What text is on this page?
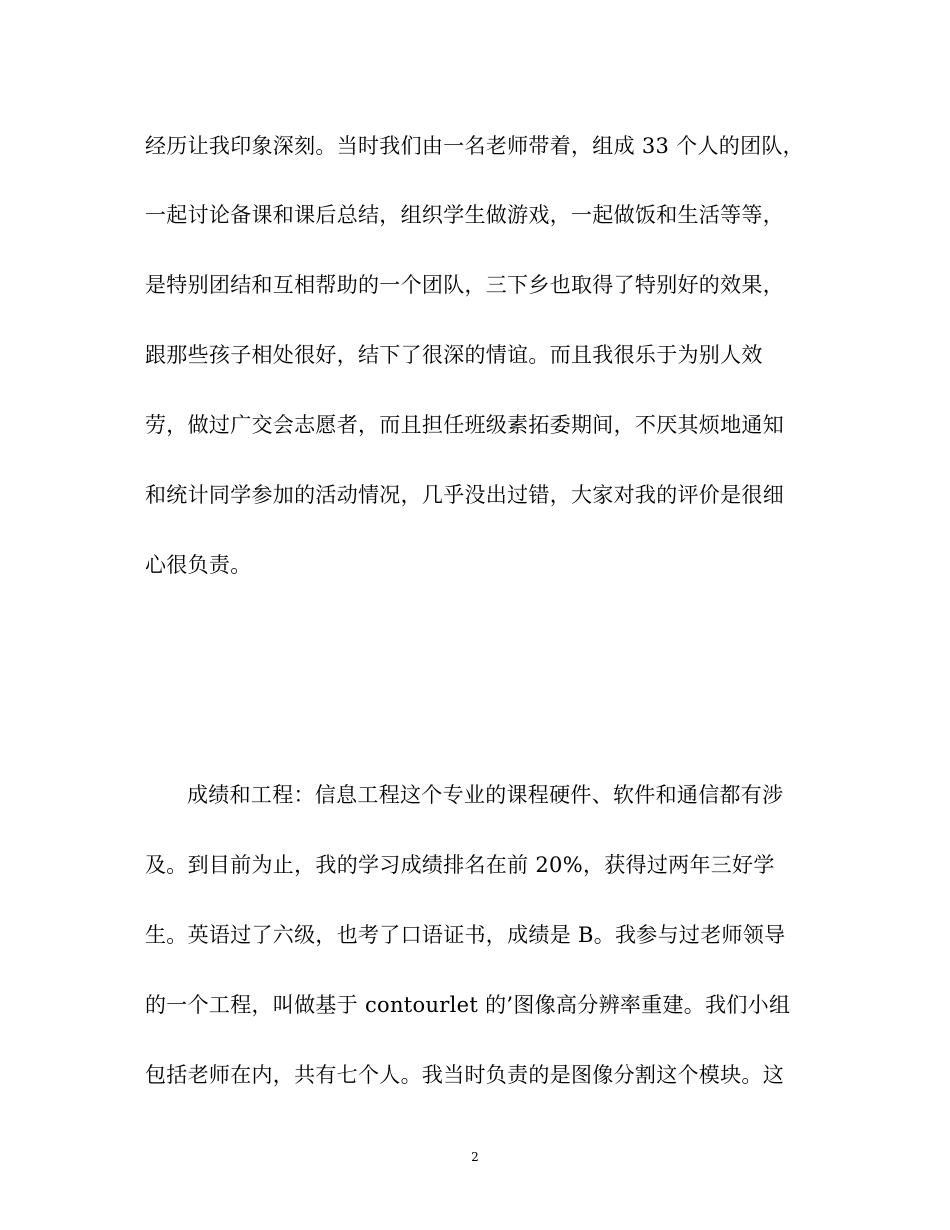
经历让我印象深刻。当时我们由一名老师带着，组成 33 个人的团队，
一起讨论备课和课后总结，组织学生做游戏，一起做饭和生活等等，
是特别团结和互相帮助的一个团队，三下乡也取得了特别好的效果，
跟那些孩子相处很好，结下了很深的情谊。而且我很乐于为别人效
劳，做过广交会志愿者，而且担任班级素拓委期间，不厌其烦地通知
和统计同学参加的活动情况，几乎没出过错，大家对我的评价是很细
心很负责。
成绩和工程：信息工程这个专业的课程硬件、软件和通信都有涉
及。到目前为止，我的学习成绩排名在前 20%，获得过两年三好学
生。英语过了六级，也考了口语证书，成绩是 B。我参与过老师领导
的一个工程，叫做基于 contourlet 的’图像高分辨率重建。我们小组
包括老师在内，共有七个人。我当时负责的是图像分割这个模块。这
2
